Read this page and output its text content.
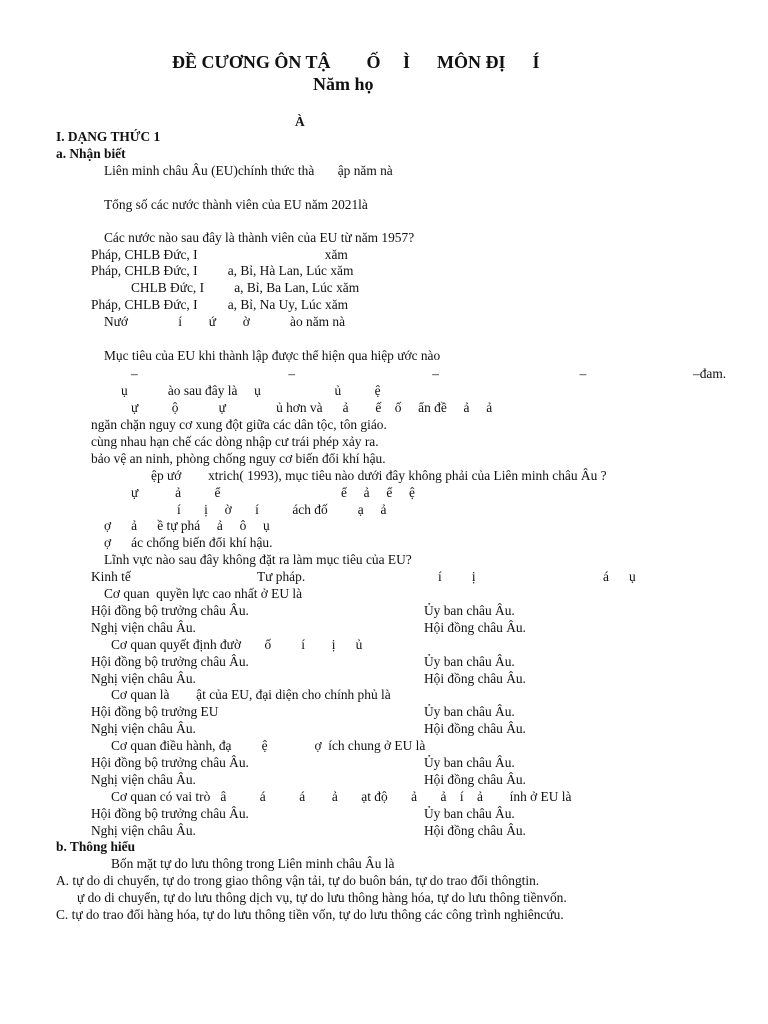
ĐỀ CƯƠNG ÔN TẬ        Ố     Ì      MÔN ĐỊ      Í
Năm họ
À
I. DẠNG THỨC 1
a. Nhận biết
Liên minh châu Âu (EU)chính thức thà       ập năm nà
Tổng số các nước thành viên của EU năm 2021là
Các nước nào sau đây là thành viên của EU từ năm 1957?
Pháp, CHLB Đức, I                                      xăm
Pháp, CHLB Đức, I         a, Bỉ, Hà Lan, Lúc xăm
CHLB Đức, I         a, Bỉ, Ba Lan, Lúc xăm
Pháp, CHLB Đức, I         a, Bỉ, Na Uy, Lúc xăm
Nướ               í        ứ        ờ            ào năm nà
Mục tiêu của EU khi thành lập được thể hiện qua hiệp ước nào
–                                             –                                         –                                          –	–đam.
ụ            ào sau đây là     ụ                      ủ          ệ
ự          ộ            ự               ủ hơn và      ả        ế    ố     ẩn đề     ả     ả
ngăn chặn nguy cơ xung đột giữa các dân tộc, tôn giáo.
cùng nhau hạn chế các dòng nhập cư trái phép xảy ra.
bảo vệ an ninh, phòng chống nguy cơ biến đổi khí hậu.
ệp ướ        xtrich( 1993), mục tiêu nào dưới đây không phải của Liên minh châu Âu ?
ự           ả          ể                                    ể     ả     ể     ệ
í       ị     ờ       í          ách đố         ạ     ả
ợ      ả      ề tự phá     ả     ô     ụ
ợ      ác chống biến đổi khí hậu.
Lĩnh vực nào sau đây không đặt ra làm mục tiêu của EU?
Kinh tế	Tư pháp.	í         ị	á      ụ
Cơ quan  quyền lực cao nhất ở EU là
Hội đồng bộ trưởng châu Âu.	Ủy ban châu Âu.
Nghị viện châu Âu.	Hội đồng châu Âu.
Cơ quan quyết định đườ       ố         í        ị      ủ
Hội đồng bộ trưởng châu Âu.	Ủy ban châu Âu.
Nghị viện châu Âu.	Hội đồng châu Âu.
Cơ quan là        ật của EU, đại diện cho chính phủ là
Hội đồng bộ trưởng EU	Ủy ban châu Âu.
Nghị viện châu Âu.	Hội đồng châu Âu.
Cơ quan điều hành, đạ         ệ              ợ  ích chung ở EU là
Hội đồng bộ trưởng châu Âu.	Ủy ban châu Âu.
Nghị viện châu Âu.	Hội đồng châu Âu.
Cơ quan có vai trò   â          á          á        ả       ạt độ       ả       ả    í    ả        ính ở EU là
Hội đồng bộ trưởng châu Âu.	Ủy ban châu Âu.
Nghị viện châu Âu.	Hội đồng châu Âu.
b. Thông hiểu
Bốn mặt tự do lưu thông trong Liên minh châu Âu là
A. tự do di chuyển, tự do trong giao thông vận tải, tự do buôn bán, tự do trao đổi thôngtin.
ự do di chuyển, tự do lưu thông dịch vụ, tự do lưu thông hàng hóa, tự do lưu thông tiềnvốn.
C. tự do trao đổi hàng hóa, tự do lưu thông tiền vốn, tự do lưu thông các công trình nghiêncứu.
